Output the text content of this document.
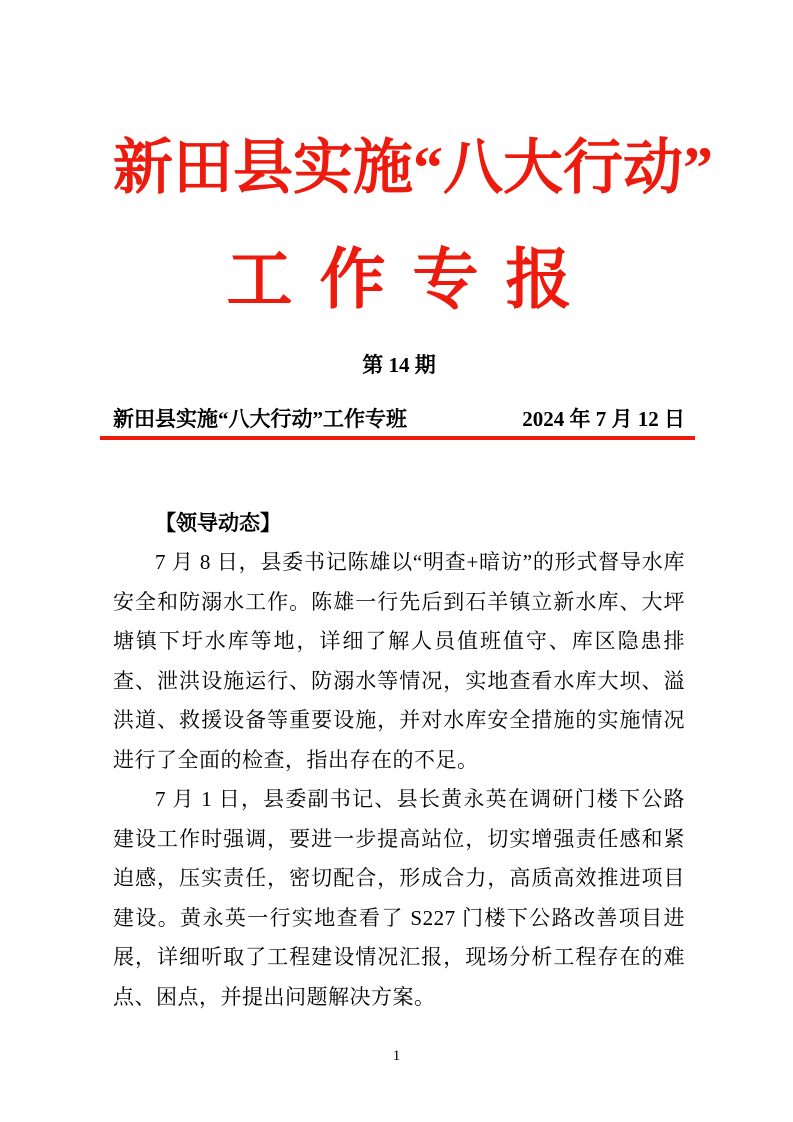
新田县实施“八大行动”
工作专报
第 14 期
新田县实施“八大行动”工作专班	2024 年 7 月 12 日
【领导动态】

7 月 8 日，县委书记陈雄以“明查+暗访”的形式督导水库安全和防溺水工作。陈雄一行先后到石羊镇立新水库、大坪塘镇下圩水库等地，详细了解人员值班值守、库区隐患排查、泄洪设施运行、防溺水等情况，实地查看水库大坝、溢洪道、救援设备等重要设施，并对水库安全措施的实施情况进行了全面的检查，指出存在的不足。

7 月 1 日，县委副书记、县长黄永英在调研门楼下公路建设工作时强调，要进一步提高站位，切实增强责任感和紧迫感，压实责任，密切配合，形成合力，高质高效推进项目建设。黄永英一行实地查看了 S227 门楼下公路改善项目进展，详细听取了工程建设情况汇报，现场分析工程存在的难点、困点，并提出问题解决方案。

1
